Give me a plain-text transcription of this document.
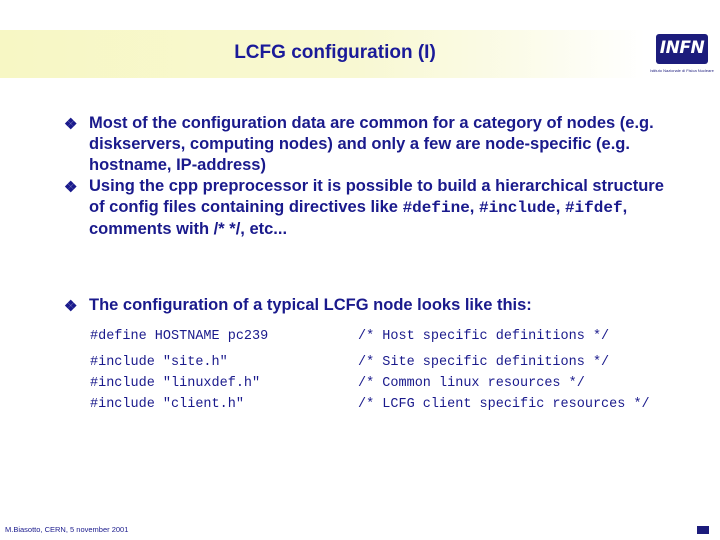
LCFG configuration (I)	INFN
Istituto Nazionale di Fisica Nucleare
❖ Most of the configuration data are common for a category of nodes (e.g. diskservers, computing nodes) and only a few are node-specific (e.g. hostname, IP-address)
❖ Using the cpp preprocessor it is possible to build a hierarchical structure of config files containing directives like #define, #include, #ifdef, comments with /* */, etc...
❖ The configuration of a typical LCFG node looks like this:
#define HOSTNAME pc239	/* Host specific definitions */
#include "site.h"	/* Site specific definitions */
#include "linuxdef.h"	/* Common linux resources */
#include "client.h"	/* LCFG client specific resources */
M.Biasotto, CERN, 5 november 2001
